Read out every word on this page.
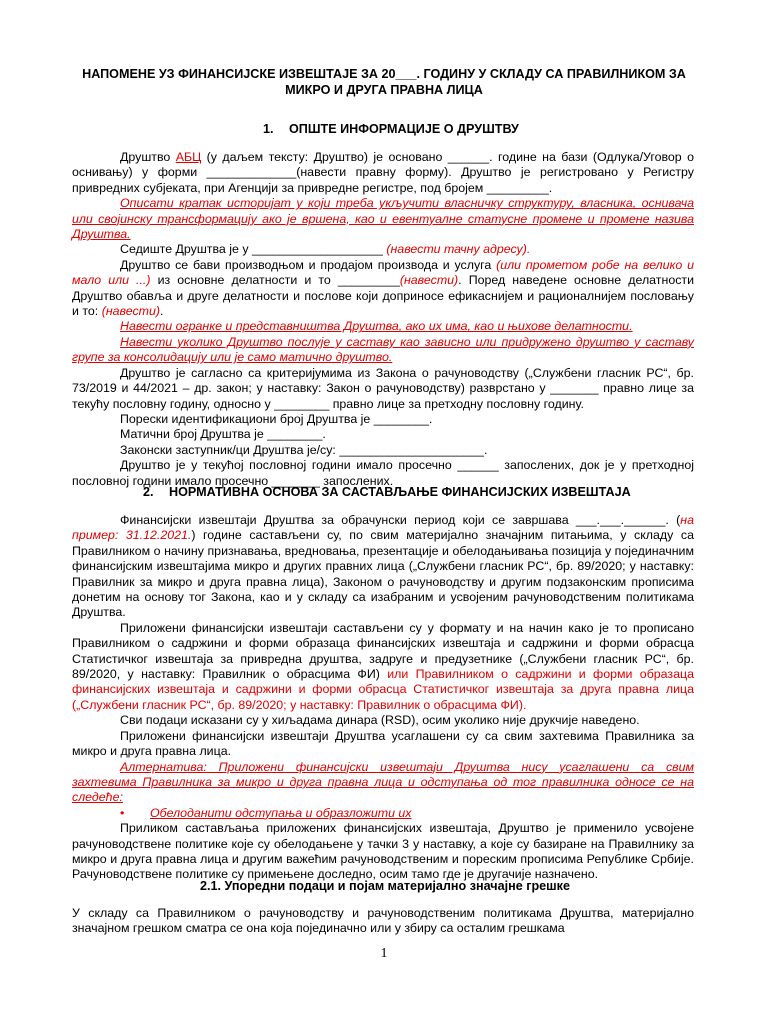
НАПОМЕНЕ УЗ ФИНАНСИЈСКЕ ИЗВЕШТАЈЕ ЗА 20___. ГОДИНУ У СКЛАДУ СА ПРАВИЛНИКОМ ЗА МИКРО И ДРУГА ПРАВНА ЛИЦА
1. ОПШТЕ ИНФОРМАЦИЈЕ О ДРУШТВУ

Друштво АБЦ (у даљем тексту: Друштво) је основано ______. године на бази (Одлука/Уговор о оснивању) у форми _____________(навести правну форму). Друштво је регистровано у Регистру привредних субјеката, при Агенцији за привредне регистре, под бројем _________.

Описати кратак историјат у који треба укључити власничку структуру, власника, оснивача или својинску трансформацију ако је вршена, као и евентуалне статусне промене и промене назива Друштва.

Седиште Друштва је у ___________________ (навести тачну адресу).

Друштво се бави производњом и продајом производа и услуга (или прометом робе на велико и мало или ...) из основне делатности и то _________(навести). Поред наведене основне делатности Друштво обавља и друге делатности и послове који доприносе ефикаснијем и рационалнијем пословању и то: (навести).

Навести огранке и представништва Друштва, ако их има, као и њихове делатности.

Навести уколико Друштво послује у саставу као зависно или придружено друштво у саставу групе за консолидацију или је само матично друштво.

Друштво је сагласно са критеријумима из Закона о рачуноводству („Службени гласник РС“, бр. 73/2019 и 44/2021 – др. закон; у наставку: Закон о рачуноводству) разврстано у _______ правно лице за текућу пословну годину, односно у ________ правно лице за претходну пословну годину.

Порески идентификациони број Друштва је ________.

Матични број Друштва је ________.

Законски заступник/ци Друштва је/су: _____________________.

Друштво је у текућој пословној години имало просечно ______ запослених, док је у претходној пословној години имало просечно _______ запослених.

2. НОРМАТИВНА ОСНОВА ЗА САСТАВЉАЊЕ ФИНАНСИЈСКИХ ИЗВЕШТАЈА

Финансијски извештаји Друштва за обрачунски период који се завршава ___.___.______. (на пример: 31.12.2021.) године састављени су, по свим материјално значајним питањима, у складу са Правилником о начину признавања, вредновања, презентације и обелодањивања позиција у појединачним финансијским извештајима микро и других правних лица („Службени гласник РС“, бр. 89/2020; у наставку: Правилник за микро и друга правна лица), Законом о рачуноводству и другим подзаконским прописима донетим на основу тог Закона, као и у складу са изабраним и усвојеним рачуноводственим политикама Друштва.

Приложени финансијски извештаји састављени су у формату и на начин како је то прописано Правилником о садржини и форми образаца финансијских извештаја и садржини и форми обрасца Статистичког извештаја за привредна друштва, задруге и предузетнике („Службени гласник РС“, бр. 89/2020, у наставку: Правилник о обрасцима ФИ) или Правилником о садржини и форми образаца финансијских извештаја и садржини и форми обрасца Статистичког извештаја за друга правна лица („Службени гласник РС“, бр. 89/2020; у наставку: Правилник о обрасцима ФИ).

Сви подаци исказани су у хиљадама динара (RSD), осим уколико није друкчије наведено.

Приложени финансијски извештаји Друштва усаглашени су са свим захтевима Правилника за микро и друга правна лица.

Алтернатива: Приложени финансијски извештаји Друштва нису усаглашени са свим захтевима Правилника за микро и друга правна лица и одступања од тог правилника односе се на следеће:

• Обелоданити одступања и образложити их

Приликом састављања приложених финансијских извештаја, Друштво је применило усвојене рачуноводствене политике које су обелодањене у тачки 3 у наставку, а које су базиране на Правилнику за микро и друга правна лица и другим важећим рачуноводственим и пореским прописима Републике Србије. Рачуноводствене политике су примењене доследно, осим тамо где је другачије назначено.

2.1. Упоредни подаци и појам материјално значајне грешке

У складу са Правилником о рачуноводству и рачуноводственим политикама Друштва, материјално значајном грешком сматра се она која појединачно или у збиру са осталим грешкама

1
